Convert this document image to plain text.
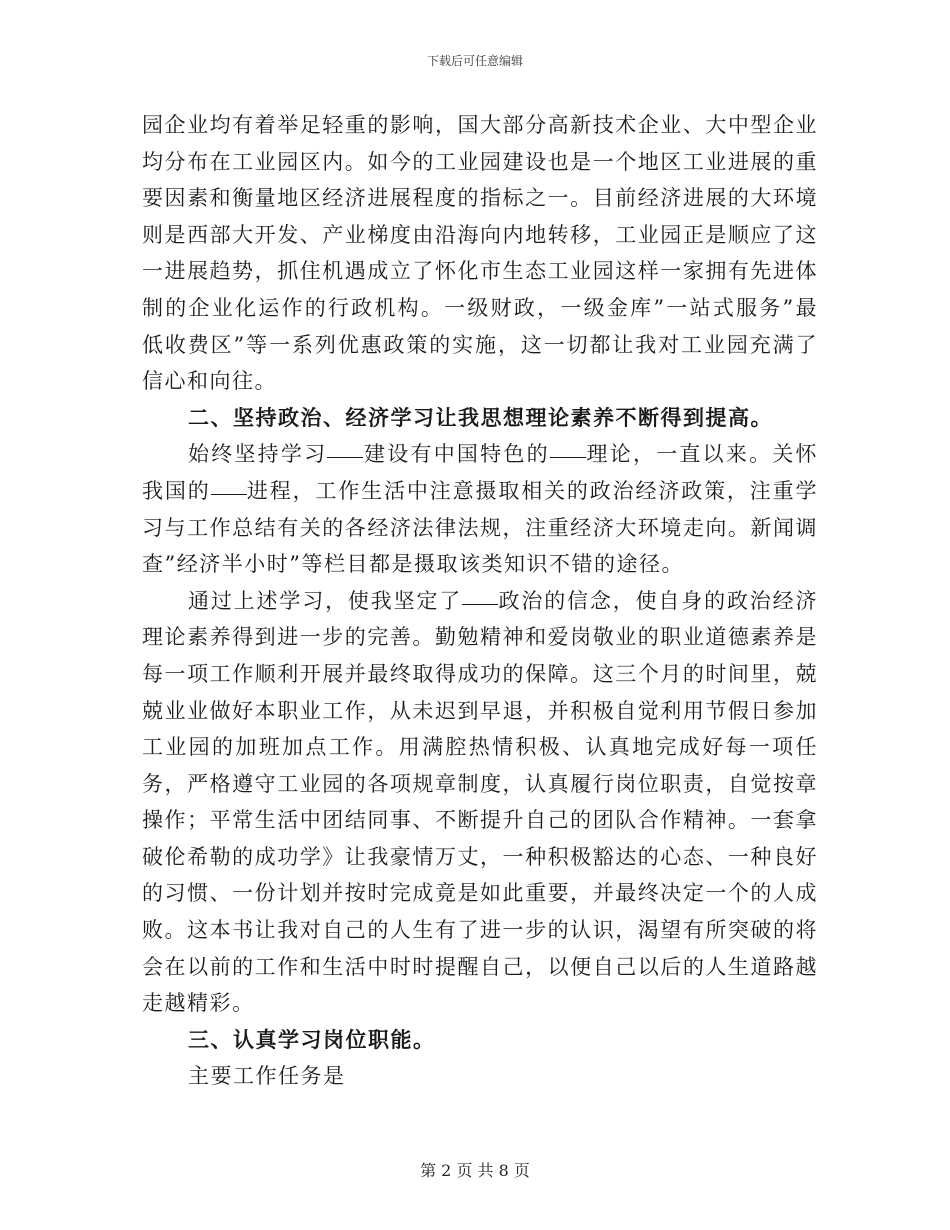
下载后可任意编辑

园企业均有着举足轻重的影响，国大部分高新技术企业、大中型企业均分布在工业园区内。如今的工业园建设也是一个地区工业进展的重要因素和衡量地区经济进展程度的指标之一。目前经济进展的大环境则是西部大开发、产业梯度由沿海向内地转移，工业园正是顺应了这一进展趋势，抓住机遇成立了怀化市生态工业园这样一家拥有先进体制的企业化运作的行政机构。一级财政，一级金库”一站式服务”最低收费区”等一系列优惠政策的实施，这一切都让我对工业园充满了信心和向往。

二、坚持政治、经济学习让我思想理论素养不断得到提高。

始终坚持学习 建设有中国特色的 理论，一直以来。关怀我国的 进程，工作生活中注意摄取相关的政治经济政策，注重学习与工作总结有关的各经济法律法规，注重经济大环境走向。新闻调查”经济半小时”等栏目都是摄取该类知识不错的途径。

通过上述学习，使我坚定了 政治的信念，使自身的政治经济理论素养得到进一步的完善。勤勉精神和爱岗敬业的职业道德素养是每一项工作顺利开展并最终取得成功的保障。这三个月的时间里，兢兢业业做好本职业工作，从未迟到早退，并积极自觉利用节假日参加工业园的加班加点工作。用满腔热情积极、认真地完成好每一项任务，严格遵守工业园的各项规章制度，认真履行岗位职责，自觉按章操作；平常生活中团结同事、不断提升自己的团队合作精神。一套拿破伦希勒的成功学》让我豪情万丈，一种积极豁达的心态、一种良好的习惯、一份计划并按时完成竟是如此重要，并最终决定一个的人成败。这本书让我对自己的人生有了进一步的认识，渴望有所突破的将会在以前的工作和生活中时时提醒自己，以便自己以后的人生道路越走越精彩。

三、认真学习岗位职能。

主要工作任务是

第 2 页 共 8 页
